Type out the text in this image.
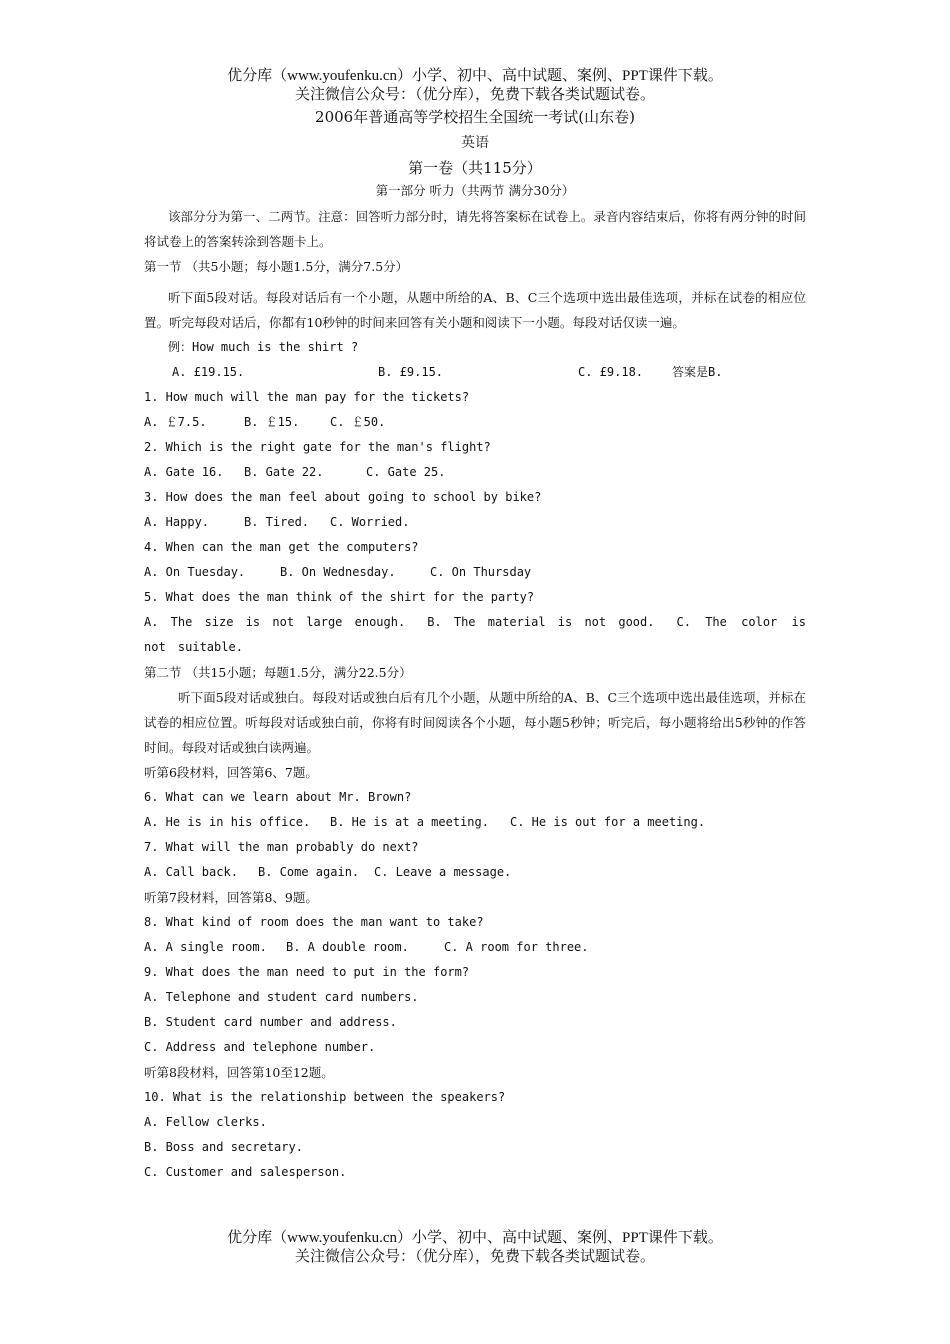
优分库（www.youfenku.cn）小学、初中、高中试题、案例、PPT课件下载。
关注微信公众号：（优分库），免费下载各类试题试卷。
2006年普通高等学校招生全国统一考试(山东卷)
英语
第一卷（共115分）
第一部分 听力（共两节 满分30分）

该部分分为第一、二两节。注意：回答听力部分时，请先将答案标在试卷上。录音内容结束后，你将有两分钟的时间将试卷上的答案转涂到答题卡上。

第一节 （共5小题；每小题1.5分，满分7.5分）

听下面5段对话。每段对话后有一个小题，从题中所给的A、B、C三个选项中选出最佳选项，并标在试卷的相应位置。听完每段对话后，你都有10秒钟的时间来回答有关小题和阅读下一小题。每段对话仅读一遍。

例：How much is the shirt ?

A. £19.15.	B. £9.15.	C. £9.18. 答案是B.

1. How much will the man pay for the tickets?

A. ￡7.5.	B. ￡15.	C. ￡50.

2. Which is the right gate for the man's flight?

A. Gate 16. B. Gate 22.	C. Gate 25.

3. How does the man feel about going to school by bike?

A. Happy.	B. Tired. C. Worried.

4. When can the man get the computers?

A. On Tuesday.	B. On Wednesday.	C. On Thursday

5. What does the man think of the shirt for the party?

A. The size is not large enough. B. The material is not good. C. The color is not suitable.

第二节 （共15小题；每题1.5分，满分22.5分）

听下面5段对话或独白。每段对话或独白后有几个小题，从题中所给的A、B、C三个选项中选出最佳选项，并标在试卷的相应位置。听每段对话或独白前，你将有时间阅读各个小题，每小题5秒钟；听完后，每小题将给出5秒钟的作答时间。每段对话或独白读两遍。

听第6段材料，回答第6、7题。

6. What can we learn about Mr. Brown?

A. He is in his office. B. He is at a meeting. C. He is out for a meeting.

7. What will the man probably do next?

A. Call back. B. Come again. C. Leave a message.

听第7段材料，回答第8、9题。

8. What kind of room does the man want to take?

A. A single room. B. A double room.	C. A room for three.

9. What does the man need to put in the form?

A. Telephone and student card numbers.

B. Student card number and address.

C. Address and telephone number.

听第8段材料，回答第10至12题。

10. What is the relationship between the speakers?

A. Fellow clerks.

B. Boss and secretary.

C. Customer and salesperson.

优分库（www.youfenku.cn）小学、初中、高中试题、案例、PPT课件下载。
关注微信公众号：（优分库），免费下载各类试题试卷。
